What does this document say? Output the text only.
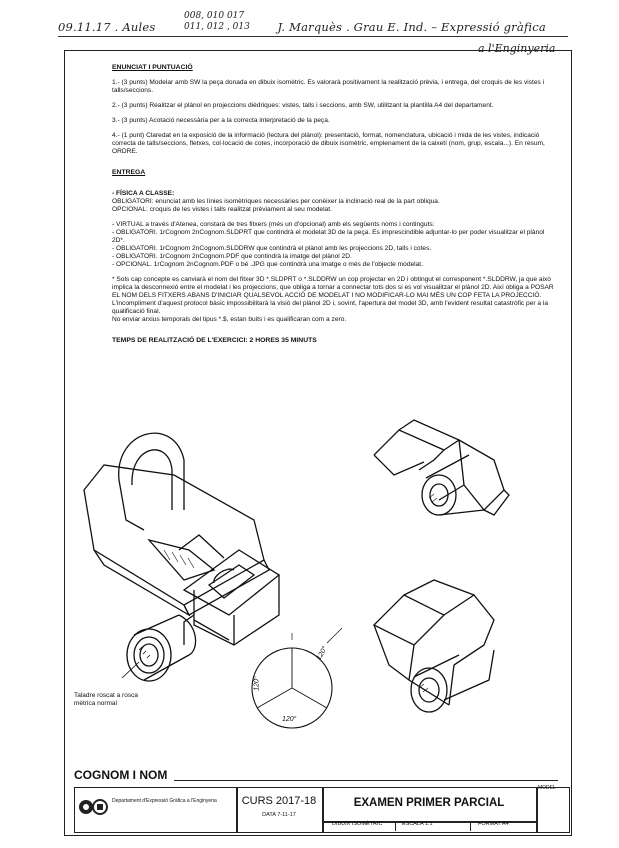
09.11.17 . Aules	J. Marquès . Grau E. Ind. – Expressió gràfica
008, 010 017
011, 012 , 013
a l'Enginyeria
ENUNCIAT I PUNTUACIÓ

1.- (3 punts) Modelar amb SW la peça donada en dibuix isomètric. Es valorarà positivament la realització prèvia, i entrega, del croquis de les vistes i talls/seccions.

2.- (3 punts) Realitzar el plànol en projeccions dièdriques: vistes, talls i seccions, amb SW, utilitzant la plantilla A4 del departament.

3.- (3 punts) Acotació necessària per a la correcta interpretació de la peça.

4.- (1 punt) Claredat en la exposició de la informació (lectura del plànol): presentació, format, nomenclatura, ubicació i mida de les vistes, indicació correcta de talls/seccions, fletxes, col·locació de cotes, incorporació de dibuix isomètric, emplenament de la caixetí (nom, grup, escala...). En resum, ORDRE.

ENTREGA
- FÍSICA A CLASSE:
OBLIGATORI: enunciat amb les línies isomètriques necessàries per conèixer la inclinació real de la part obliqua.

OPCIONAL: croquis de les vistes i talls realitzat prèviament al seu modelat.

- VIRTUAL a través d'Atenea, constarà de tres fitxers (més un d'opcional) amb els següents noms i continguts:
- OBLIGATORI. 1rCognom 2nCognom.SLDPRT que contindrà el modelat 3D de la peça. Es imprescindible adjuntar-lo per poder visualitzar el plànol 2D*.
- OBLIGATORI. 1rCognom 2nCognom.SLDDRW que contindrà el plànol amb les projeccions 2D, talls i cotes.
- OBLIGATORI. 1rCognom 2nCognom.PDF que contindrà la imatge del plànol 2D.

- OPCIONAL. 1rCognom 2nCognom.PDF o bé .JPG que contindrà una imatge o més de l'objecte modelat.

* Sols cap concepte es canviarà el nom del fitxer 3D *.SLDPRT o *.SLDDRW un cop projectar en 2D i obtingut el corresponent *.SLDDRW, ja que això implica la desconnexió entre el modelat i les projeccions, que obliga a tornar a connectar tots dos si es vol visualitzar el plànol 2D. Així obliga a POSAR EL NOM DELS FITXERS ABANS D'INICIAR QUALSEVOL ACCIÓ DE MODELAT I NO MODIFICAR-LO MAI MÉS UN COP FETA LA PROJECCIÓ. L'incompliment d'aquest protocol bàsic impossibilitarà la visió del plànol 2D i, sovint, l'apertura del model 3D, amb l'evident resultat catastròfic per a la qualificació final.

No enviar arxius temporals del tipus *.$, estan buits i es qualificaran com a zero.

TEMPS DE REALITZACIÓ DE L'EXERCICI: 2 HORES 35 MINUTS
120°
120°
120°
Taladre roscat a rosca mètrica normal
COGNOM I NOM
Departament d'Expressió Gràfica a l'Enginyeria	CURS 2017-18
DATA 7-11-17
EXAMEN PRIMER PARCIAL
MODEL
DIBUIX ISOMÈTRIC	ESCALA 1:1	FORMAT A4
